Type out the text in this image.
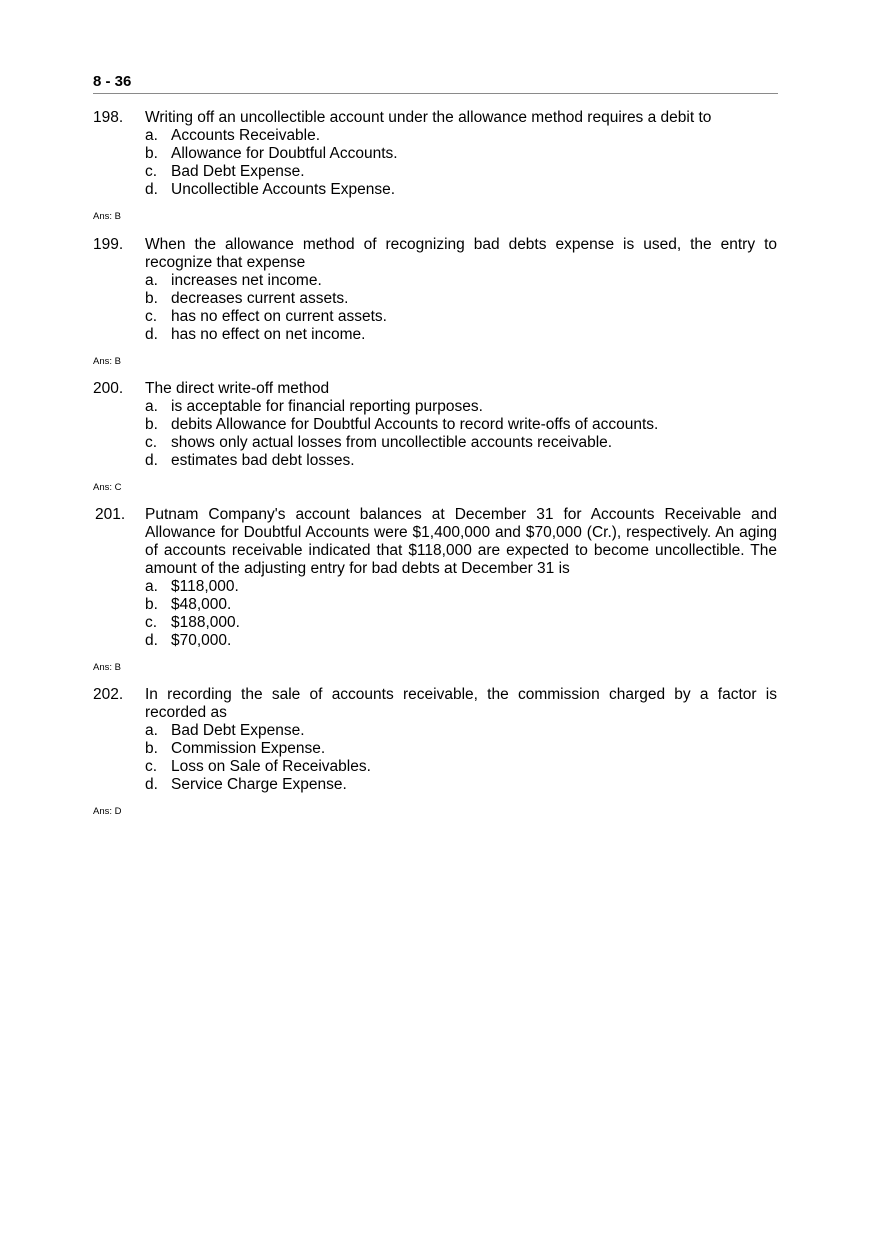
8 - 36
198. Writing off an uncollectible account under the allowance method requires a debit to
a. Accounts Receivable.
b. Allowance for Doubtful Accounts.
c. Bad Debt Expense.
d. Uncollectible Accounts Expense.
Ans: B
199. When the allowance method of recognizing bad debts expense is used, the entry to recognize that expense
a. increases net income.
b. decreases current assets.
c. has no effect on current assets.
d. has no effect on net income.
Ans: B
200. The direct write-off method
a. is acceptable for financial reporting purposes.
b. debits Allowance for Doubtful Accounts to record write-offs of accounts.
c. shows only actual losses from uncollectible accounts receivable.
d. estimates bad debt losses.
Ans: C
201. Putnam Company's account balances at December 31 for Accounts Receivable and Allowance for Doubtful Accounts were $1,400,000 and $70,000 (Cr.), respectively. An aging of accounts receivable indicated that $118,000 are expected to become uncollectible. The amount of the adjusting entry for bad debts at December 31 is
a. $118,000.
b. $48,000.
c. $188,000.
d. $70,000.
Ans: B
202. In recording the sale of accounts receivable, the commission charged by a factor is recorded as
a. Bad Debt Expense.
b. Commission Expense.
c. Loss on Sale of Receivables.
d. Service Charge Expense.
Ans: D
